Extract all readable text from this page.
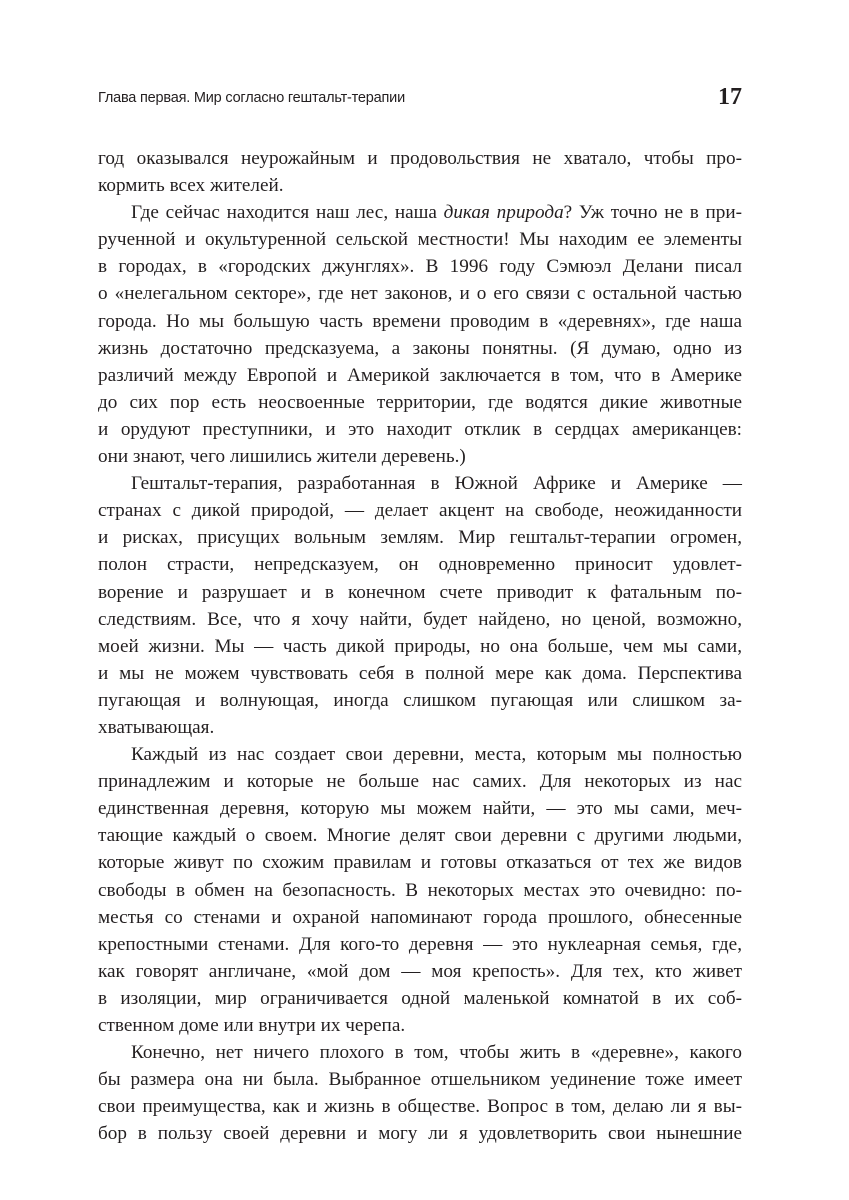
Глава первая. Мир согласно гештальт-терапии	17
год оказывался неурожайным и продовольствия не хватало, чтобы про-
кормить всех жителей.
Где сейчас находится наш лес, наша дикая природа? Уж точно не в при-
рученной и окультуренной сельской местности! Мы находим ее элементы
в городах, в «городских джунглях». В 1996 году Сэмюэл Делани писал
о «нелегальном секторе», где нет законов, и о его связи с остальной частью
города. Но мы большую часть времени проводим в «деревнях», где наша
жизнь достаточно предсказуема, а законы понятны. (Я думаю, одно из
различий между Европой и Америкой заключается в том, что в Америке
до сих пор есть неосвоенные территории, где водятся дикие животные
и орудуют преступники, и это находит отклик в сердцах американцев:
они знают, чего лишились жители деревень.)
Гештальт-терапия, разработанная в Южной Африке и Америке —
странах с дикой природой, — делает акцент на свободе, неожиданности
и рисках, присущих вольным землям. Мир гештальт-терапии огромен,
полон страсти, непредсказуем, он одновременно приносит удовлет-
ворение и разрушает и в конечном счете приводит к фатальным по-
следствиям. Все, что я хочу найти, будет найдено, но ценой, возможно,
моей жизни. Мы — часть дикой природы, но она больше, чем мы сами,
и мы не можем чувствовать себя в полной мере как дома. Перспектива
пугающая и волнующая, иногда слишком пугающая или слишком за-
хватывающая.
Каждый из нас создает свои деревни, места, которым мы полностью
принадлежим и которые не больше нас самих. Для некоторых из нас
единственная деревня, которую мы можем найти, — это мы сами, меч-
тающие каждый о своем. Многие делят свои деревни с другими людьми,
которые живут по схожим правилам и готовы отказаться от тех же видов
свободы в обмен на безопасность. В некоторых местах это очевидно: по-
местья со стенами и охраной напоминают города прошлого, обнесенные
крепостными стенами. Для кого-то деревня — это нуклеарная семья, где,
как говорят англичане, «мой дом — моя крепость». Для тех, кто живет
в изоляции, мир ограничивается одной маленькой комнатой в их соб-
ственном доме или внутри их черепа.
Конечно, нет ничего плохого в том, чтобы жить в «деревне», какого
бы размера она ни была. Выбранное отшельником уединение тоже имеет
свои преимущества, как и жизнь в обществе. Вопрос в том, делаю ли я вы-
бор в пользу своей деревни и могу ли я удовлетворить свои нынешние
